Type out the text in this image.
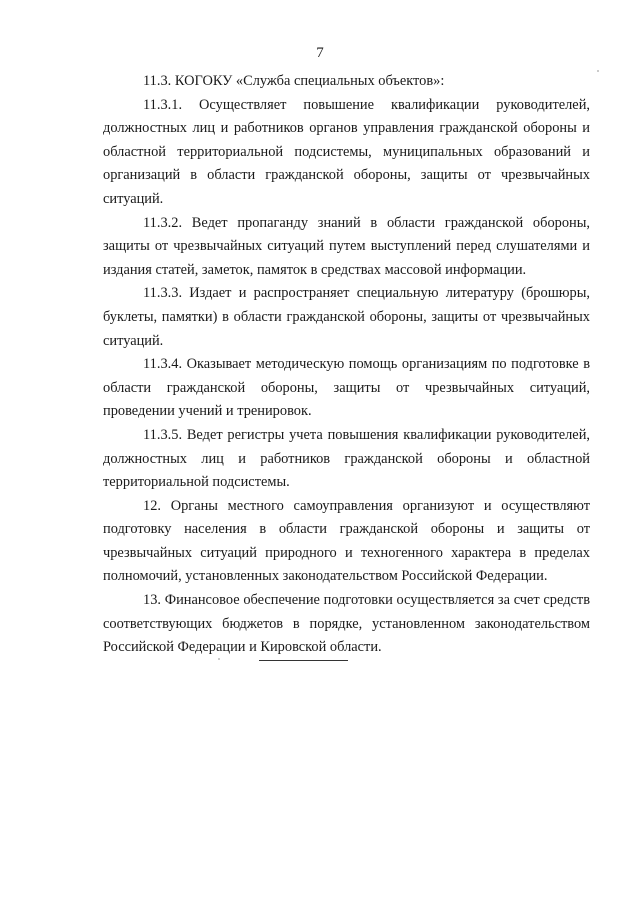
7

11.3. КОГОКУ «Служба специальных объектов»:

11.3.1. Осуществляет повышение квалификации руководителей, должностных лиц и работников органов управления гражданской обороны и областной территориальной подсистемы, муниципальных образований и организаций в области гражданской обороны, защиты от чрезвычайных ситуаций.

11.3.2. Ведет пропаганду знаний в области гражданской обороны, защиты от чрезвычайных ситуаций путем выступлений перед слушателями и издания статей, заметок, памяток в средствах массовой информации.

11.3.3. Издает и распространяет специальную литературу (брошюры, буклеты, памятки) в области гражданской обороны, защиты от чрезвычайных ситуаций.

11.3.4. Оказывает методическую помощь организациям по подготовке в области гражданской обороны, защиты от чрезвычайных ситуаций, проведении учений и тренировок.

11.3.5. Ведет регистры учета повышения квалификации руководителей, должностных лиц и работников гражданской обороны и областной территориальной подсистемы.

12. Органы местного самоуправления организуют и осуществляют подготовку населения в области гражданской обороны и защиты от чрезвычайных ситуаций природного и техногенного характера в пределах полномочий, установленных законодательством Российской Федерации.

13. Финансовое обеспечение подготовки осуществляется за счет средств соответствующих бюджетов в порядке, установленном законодательством Российской Федерации и Кировской области.
